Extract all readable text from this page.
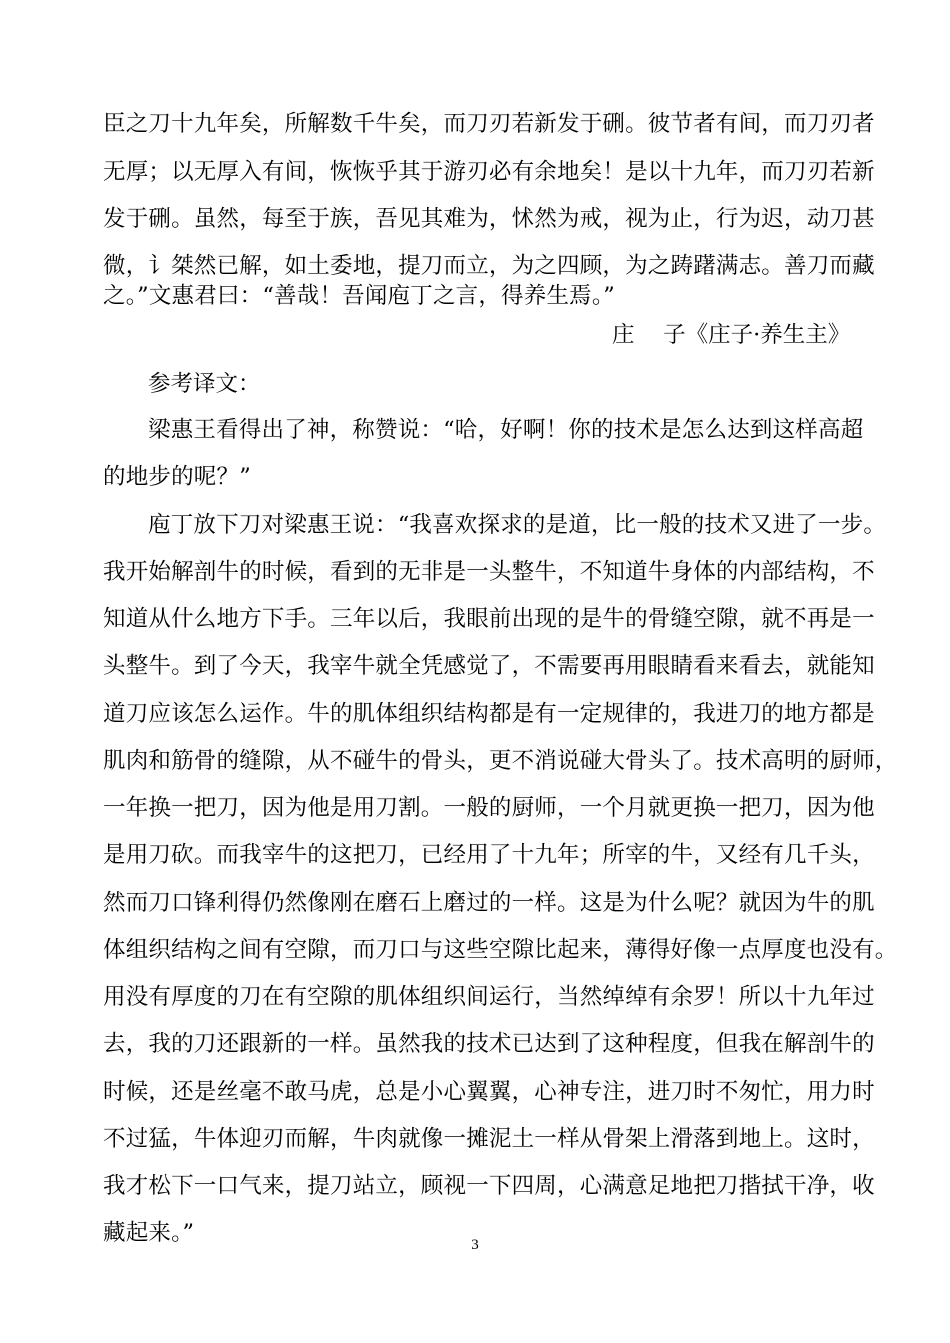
臣之刀十九年矣，所解数千牛矣，而刀刃若新发于硎。彼节者有间，而刀刃者
无厚；以无厚入有间，恢恢乎其于游刃必有余地矣！是以十九年，而刀刃若新
发于硎。虽然，每至于族，吾见其难为，怵然为戒，视为止，行为迟，动刀甚
微，讠桀然已解，如土委地，提刀而立，为之四顾，为之踌躇满志。善刀而藏
之。”文惠君曰：“善哉！吾闻庖丁之言，得养生焉。”
庄    子《庄子·养生主》
参考译文：
梁惠王看得出了神，称赞说：“哈，好啊！你的技术是怎么达到这样高超
的地步的呢？”
庖丁放下刀对梁惠王说：“我喜欢探求的是道，比一般的技术又进了一步。
我开始解剖牛的时候，看到的无非是一头整牛，不知道牛身体的内部结构，不
知道从什么地方下手。三年以后，我眼前出现的是牛的骨缝空隙，就不再是一
头整牛。到了今天，我宰牛就全凭感觉了，不需要再用眼睛看来看去，就能知
道刀应该怎么运作。牛的肌体组织结构都是有一定规律的，我进刀的地方都是
肌肉和筋骨的缝隙，从不碰牛的骨头，更不消说碰大骨头了。技术高明的厨师，
一年换一把刀，因为他是用刀割。一般的厨师，一个月就更换一把刀，因为他
是用刀砍。而我宰牛的这把刀，已经用了十九年；所宰的牛，又经有几千头，
然而刀口锋利得仍然像刚在磨石上磨过的一样。这是为什么呢？就因为牛的肌
体组织结构之间有空隙，而刀口与这些空隙比起来，薄得好像一点厚度也没有。
用没有厚度的刀在有空隙的肌体组织间运行，当然绰绰有余罗！所以十九年过
去，我的刀还跟新的一样。虽然我的技术已达到了这种程度，但我在解剖牛的
时候，还是丝毫不敢马虎，总是小心翼翼，心神专注，进刀时不匆忙，用力时
不过猛，牛体迎刃而解，牛肉就像一摊泥土一样从骨架上滑落到地上。这时，
我才松下一口气来，提刀站立，顾视一下四周，心满意足地把刀揩拭干净，收
藏起来。”	3
